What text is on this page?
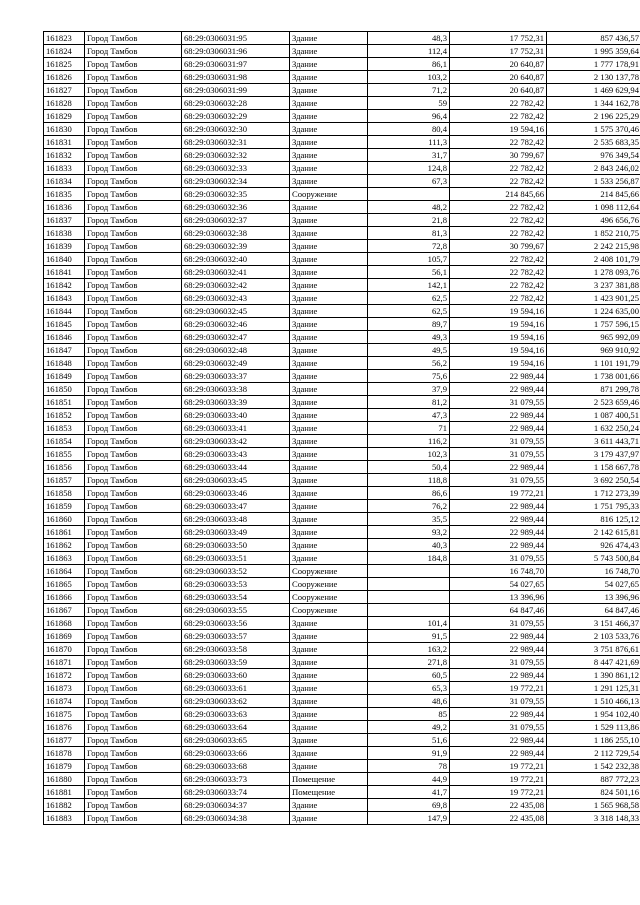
161823	Город Тамбов	68:29:0306031:95	Здание	48,3	17 752,31	857 436,57
161824	Город Тамбов	68:29:0306031:96	Здание	112,4	17 752,31	1 995 359,64
161825	Город Тамбов	68:29:0306031:97	Здание	86,1	20 640,87	1 777 178,91
161826	Город Тамбов	68:29:0306031:98	Здание	103,2	20 640,87	2 130 137,78
161827	Город Тамбов	68:29:0306031:99	Здание	71,2	20 640,87	1 469 629,94
161828	Город Тамбов	68:29:0306032:28	Здание	59	22 782,42	1 344 162,78
161829	Город Тамбов	68:29:0306032:29	Здание	96,4	22 782,42	2 196 225,29
161830	Город Тамбов	68:29:0306032:30	Здание	80,4	19 594,16	1 575 370,46
161831	Город Тамбов	68:29:0306032:31	Здание	111,3	22 782,42	2 535 683,35
161832	Город Тамбов	68:29:0306032:32	Здание	31,7	30 799,67	976 349,54
161833	Город Тамбов	68:29:0306032:33	Здание	124,8	22 782,42	2 843 246,02
161834	Город Тамбов	68:29:0306032:34	Здание	67,3	22 782,42	1 533 256,87
161835	Город Тамбов	68:29:0306032:35	Сооружение		214 845,66	214 845,66
161836	Город Тамбов	68:29:0306032:36	Здание	48,2	22 782,42	1 098 112,64
161837	Город Тамбов	68:29:0306032:37	Здание	21,8	22 782,42	496 656,76
161838	Город Тамбов	68:29:0306032:38	Здание	81,3	22 782,42	1 852 210,75
161839	Город Тамбов	68:29:0306032:39	Здание	72,8	30 799,67	2 242 215,98
161840	Город Тамбов	68:29:0306032:40	Здание	105,7	22 782,42	2 408 101,79
161841	Город Тамбов	68:29:0306032:41	Здание	56,1	22 782,42	1 278 093,76
161842	Город Тамбов	68:29:0306032:42	Здание	142,1	22 782,42	3 237 381,88
161843	Город Тамбов	68:29:0306032:43	Здание	62,5	22 782,42	1 423 901,25
161844	Город Тамбов	68:29:0306032:45	Здание	62,5	19 594,16	1 224 635,00
161845	Город Тамбов	68:29:0306032:46	Здание	89,7	19 594,16	1 757 596,15
161846	Город Тамбов	68:29:0306032:47	Здание	49,3	19 594,16	965 992,09
161847	Город Тамбов	68:29:0306032:48	Здание	49,5	19 594,16	969 910,92
161848	Город Тамбов	68:29:0306032:49	Здание	56,2	19 594,16	1 101 191,79
161849	Город Тамбов	68:29:0306033:37	Здание	75,6	22 989,44	1 738 001,66
161850	Город Тамбов	68:29:0306033:38	Здание	37,9	22 989,44	871 299,78
161851	Город Тамбов	68:29:0306033:39	Здание	81,2	31 079,55	2 523 659,46
161852	Город Тамбов	68:29:0306033:40	Здание	47,3	22 989,44	1 087 400,51
161853	Город Тамбов	68:29:0306033:41	Здание	71	22 989,44	1 632 250,24
161854	Город Тамбов	68:29:0306033:42	Здание	116,2	31 079,55	3 611 443,71
161855	Город Тамбов	68:29:0306033:43	Здание	102,3	31 079,55	3 179 437,97
161856	Город Тамбов	68:29:0306033:44	Здание	50,4	22 989,44	1 158 667,78
161857	Город Тамбов	68:29:0306033:45	Здание	118,8	31 079,55	3 692 250,54
161858	Город Тамбов	68:29:0306033:46	Здание	86,6	19 772,21	1 712 273,39
161859	Город Тамбов	68:29:0306033:47	Здание	76,2	22 989,44	1 751 795,33
161860	Город Тамбов	68:29:0306033:48	Здание	35,5	22 989,44	816 125,12
161861	Город Тамбов	68:29:0306033:49	Здание	93,2	22 989,44	2 142 615,81
161862	Город Тамбов	68:29:0306033:50	Здание	40,3	22 989,44	926 474,43
161863	Город Тамбов	68:29:0306033:51	Здание	184,8	31 079,55	5 743 500,84
161864	Город Тамбов	68:29:0306033:52	Сооружение		16 748,70	16 748,70
161865	Город Тамбов	68:29:0306033:53	Сооружение		54 027,65	54 027,65
161866	Город Тамбов	68:29:0306033:54	Сооружение		13 396,96	13 396,96
161867	Город Тамбов	68:29:0306033:55	Сооружение		64 847,46	64 847,46
161868	Город Тамбов	68:29:0306033:56	Здание	101,4	31 079,55	3 151 466,37
161869	Город Тамбов	68:29:0306033:57	Здание	91,5	22 989,44	2 103 533,76
161870	Город Тамбов	68:29:0306033:58	Здание	163,2	22 989,44	3 751 876,61
161871	Город Тамбов	68:29:0306033:59	Здание	271,8	31 079,55	8 447 421,69
161872	Город Тамбов	68:29:0306033:60	Здание	60,5	22 989,44	1 390 861,12
161873	Город Тамбов	68:29:0306033:61	Здание	65,3	19 772,21	1 291 125,31
161874	Город Тамбов	68:29:0306033:62	Здание	48,6	31 079,55	1 510 466,13
161875	Город Тамбов	68:29:0306033:63	Здание	85	22 989,44	1 954 102,40
161876	Город Тамбов	68:29:0306033:64	Здание	49,2	31 079,55	1 529 113,86
161877	Город Тамбов	68:29:0306033:65	Здание	51,6	22 989,44	1 186 255,10
161878	Город Тамбов	68:29:0306033:66	Здание	91,9	22 989,44	2 112 729,54
161879	Город Тамбов	68:29:0306033:68	Здание	78	19 772,21	1 542 232,38
161880	Город Тамбов	68:29:0306033:73	Помещение	44,9	19 772,21	887 772,23
161881	Город Тамбов	68:29:0306033:74	Помещение	41,7	19 772,21	824 501,16
161882	Город Тамбов	68:29:0306034:37	Здание	69,8	22 435,08	1 565 968,58
161883	Город Тамбов	68:29:0306034:38	Здание	147,9	22 435,08	3 318 148,33
